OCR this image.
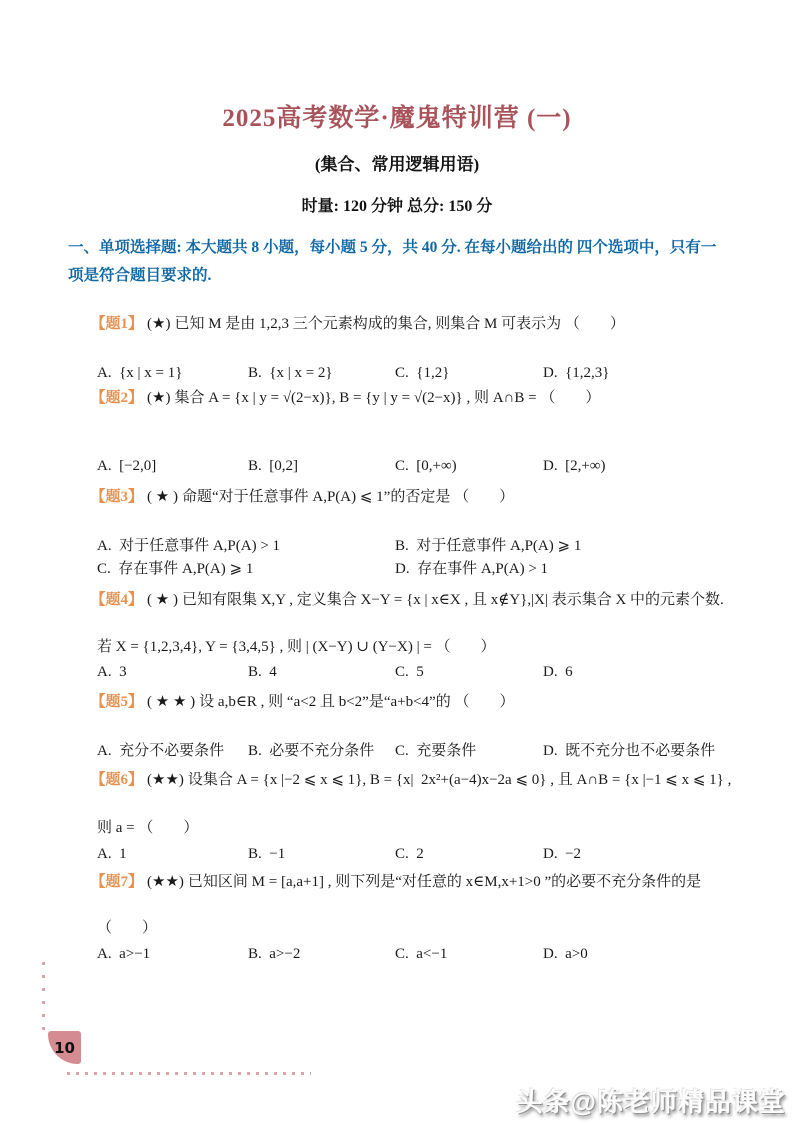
2025高考数学·魔鬼特训营 (一)
(集合、常用逻辑用语)
时量: 120 分钟 总分: 150 分
一、单项选择题: 本大题共 8 小题，每小题 5 分，共 40 分. 在每小题给出的 四个选项中，只有一项是符合题目要求的.

【题1】 (★) 已知 M 是由 1,2,3 三个元素构成的集合, 则集合 M 可表示为 （　　）

A.  {x | x = 1}	B.  {x | x = 2}	C.  {1,2}	D.  {1,2,3}

【题2】 (★) 集合 A = {x | y = √(2−x)}, B = {y | y = √(2−x)} , 则 A∩B = （　　）

A.  [−2,0]	B.  [0,2]	C.  [0,+∞)	D.  [2,+∞)

【题3】 ( ★ ) 命题“对于任意事件 A,P(A) ⩽ 1”的否定是 （　　）

A.  对于任意事件 A,P(A) > 1	B.  对于任意事件 A,P(A) ⩾ 1
C.  存在事件 A,P(A) ⩾ 1	D.  存在事件 A,P(A) > 1

【题4】 ( ★ ) 已知有限集 X,Y , 定义集合 X−Y = {x | x∈X , 且 x∉Y},|X| 表示集合 X 中的元素个数.

若 X = {1,2,3,4}, Y = {3,4,5} , 则 | (X−Y) ∪ (Y−X) | = （　　）
A.  3	B.  4	C.  5	D.  6

【题5】 ( ★ ★ ) 设 a,b∈R , 则 “a<2 且 b<2”是“a+b<4”的 （　　）

A.  充分不必要条件	B.  必要不充分条件	C.  充要条件	D.  既不充分也不必要条件

【题6】 (★★) 设集合 A = {x |−2 ⩽ x ⩽ 1}, B = {x|  2x²+(a−4)x−2a ⩽ 0} , 且 A∩B = {x |−1 ⩽ x ⩽ 1} ,

则 a = （　　）
A.  1	B.  −1	C.  2	D.  −2

【题7】 (★★) 已知区间 M = [a,a+1] , 则下列是“对任意的 x∈M,x+1>0 ”的必要不充分条件的是

（　　）
A.  a>−1	B.  a>−2	C.  a<−1	D.  a>0
10
头条@陈老师精品课堂
